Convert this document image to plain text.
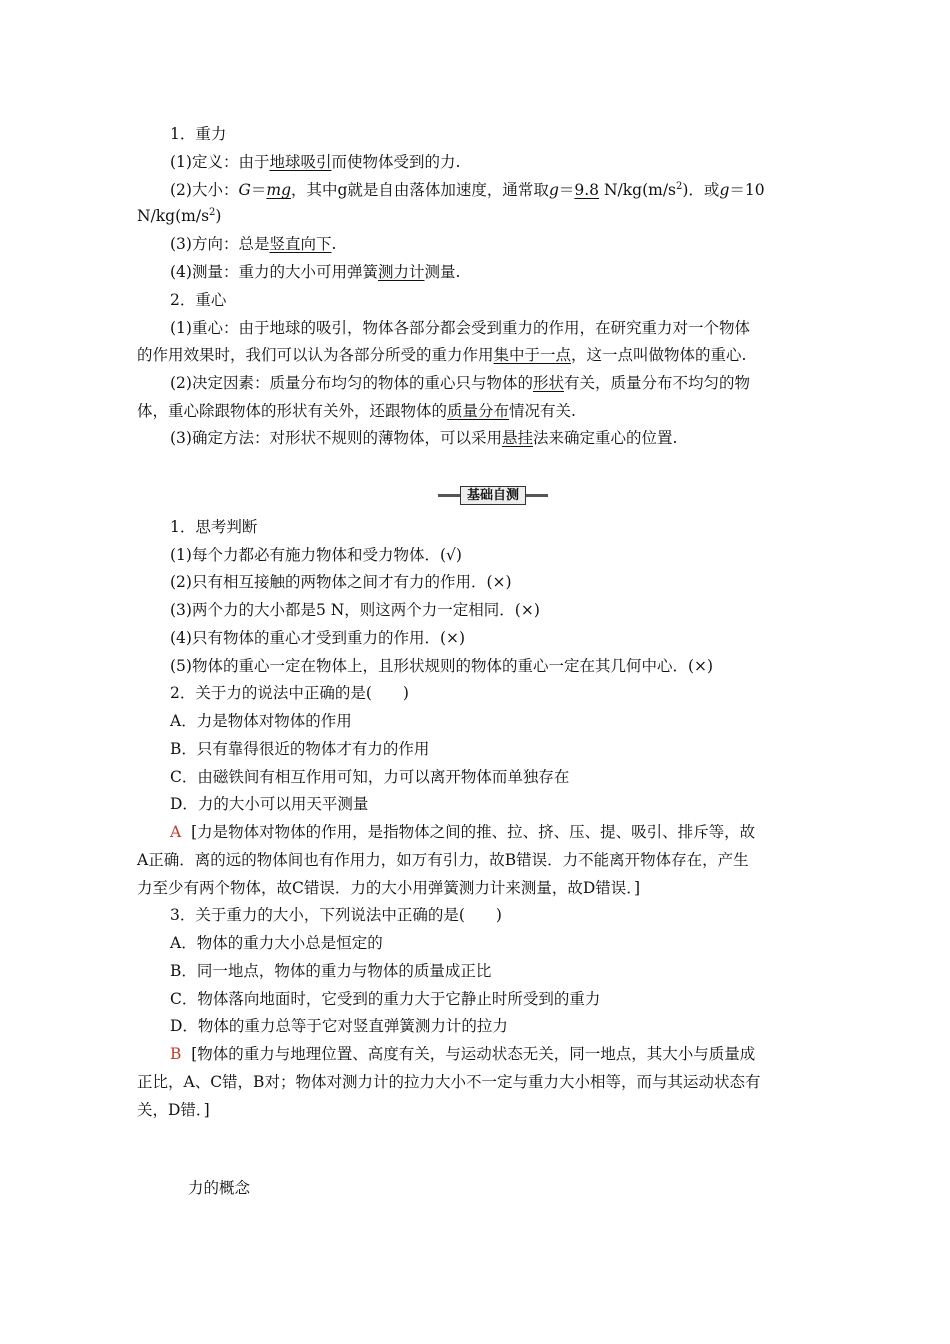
1．重力
(1)定义：由于地球吸引而使物体受到的力.
(2)大小：G＝mg，其中g就是自由落体加速度，通常取g＝9.8 $N/kg(m/s^2)$．或g＝10
$N/kg(m/s^2)$
(3)方向：总是竖直向下.
(4)测量：重力的大小可用弹簧测力计测量.
2．重心
(1)重心：由于地球的吸引，物体各部分都会受到重力的作用，在研究重力对一个物体
的作用效果时，我们可以认为各部分所受的重力作用集中于一点，这一点叫做物体的重心.
(2)决定因素：质量分布均匀的物体的重心只与物体的形状有关，质量分布不均匀的物
体，重心除跟物体的形状有关外，还跟物体的质量分布情况有关.
(3)确定方法：对形状不规则的薄物体，可以采用悬挂法来确定重心的位置.
基础自测
1．思考判断
(1)每个力都必有施力物体和受力物体．(√)
(2)只有相互接触的两物体之间才有力的作用．(×)
(3)两个力的大小都是5 N，则这两个力一定相同．(×)
(4)只有物体的重心才受到重力的作用．(×)
(5)物体的重心一定在物体上，且形状规则的物体的重心一定在其几何中心．(×)
2．关于力的说法中正确的是(　　)
A．力是物体对物体的作用
B．只有靠得很近的物体才有力的作用
C．由磁铁间有相互作用可知，力可以离开物体而单独存在
D．力的大小可以用天平测量
A [力是物体对物体的作用，是指物体之间的推、拉、挤、压、提、吸引、排斥等，故
A正确．离的远的物体间也有作用力，如万有引力，故B错误．力不能离开物体存在，产生
力至少有两个物体，故C错误．力的大小用弹簧测力计来测量，故D错误．]
3．关于重力的大小，下列说法中正确的是(　　)
A．物体的重力大小总是恒定的
B．同一地点，物体的重力与物体的质量成正比
C．物体落向地面时，它受到的重力大于它静止时所受到的重力
D．物体的重力总等于它对竖直弹簧测力计的拉力
B [物体的重力与地理位置、高度有关，与运动状态无关，同一地点，其大小与质量成
正比，A、C错，B对；物体对测力计的拉力大小不一定与重力大小相等，而与其运动状态有
关，D错．]
力的概念
